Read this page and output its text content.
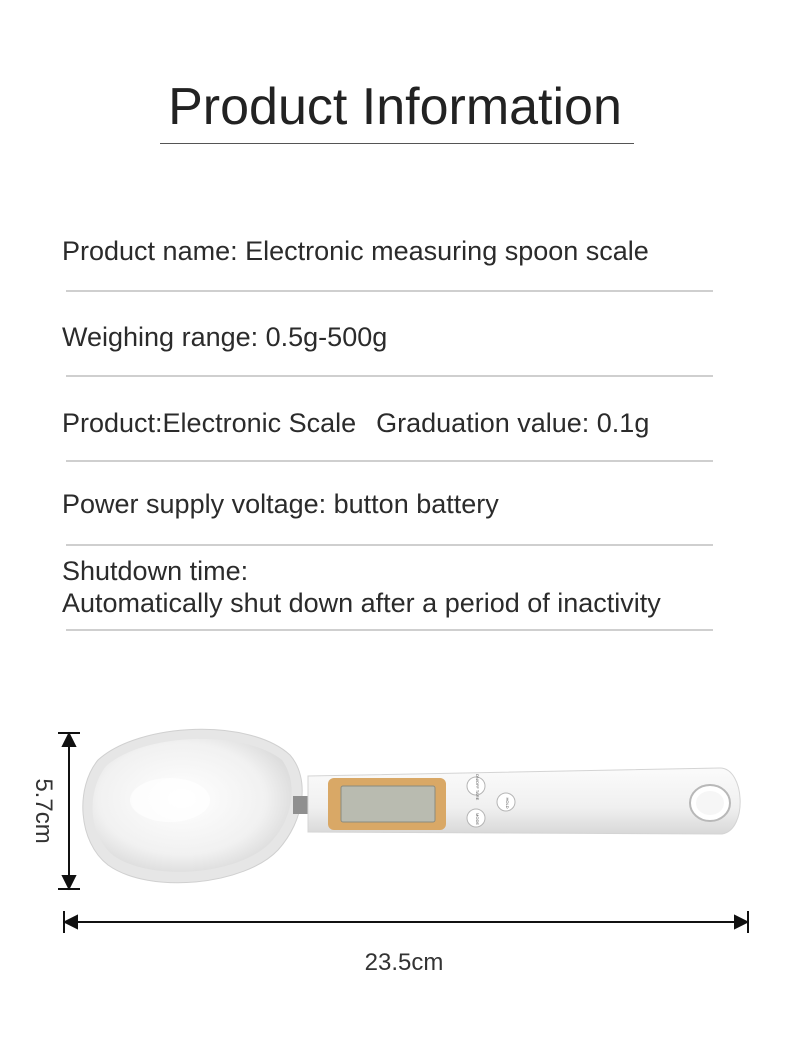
Product Information
Product name: Electronic measuring spoon scale
Weighing range: 0.5g-500g
Product:Electronic Scale Graduation value: 0.1g
Power supply voltage: button battery
Shutdown time:
Automatically shut down after a period of inactivity
5.7cm	ON/OFF TARE
MODE
HOLD
23.5cm
